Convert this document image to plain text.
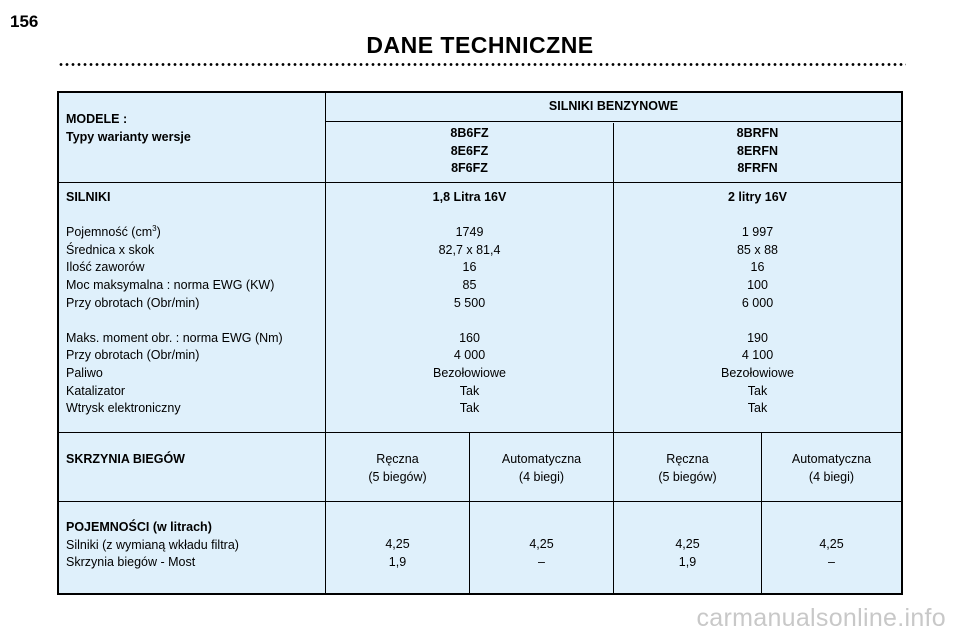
156
DANE TECHNICZNE
MODELE :
Typy warianty wersje
SILNIKI BENZYNOWE
8B6FZ
8E6FZ
8F6FZ
8BRFN
8ERFN
8FRFN
SILNIKI
Pojemność $(cm^3)$
Średnica x skok
Ilość zaworów
Moc maksymalna : norma EWG (KW)
Przy obrotach (Obr/min)
Maks. moment obr. : norma EWG (Nm)
Przy obrotach (Obr/min)
Paliwo
Katalizator
Wtrysk elektroniczny
1,8 Litra 16V
1749
82,7 x 81,4
16
85
5 500
160
4 000
Bezołowiowe
Tak
Tak
2 litry 16V
1 997
85 x 88
16
100
6 000
190
4 100
Bezołowiowe
Tak
Tak
SKRZYNIA BIEGÓW	Ręczna
(5 biegów)
Automatyczna
(4 biegi)
Ręczna
(5 biegów)
Automatyczna
(4 biegi)
POJEMNOŚCI (w litrach)
Silniki (z wymianą wkładu filtra)
Skrzynia biegów - Most
4,25
1,9
4,25
–
4,25
1,9
4,25
–
carmanualsonline.info
